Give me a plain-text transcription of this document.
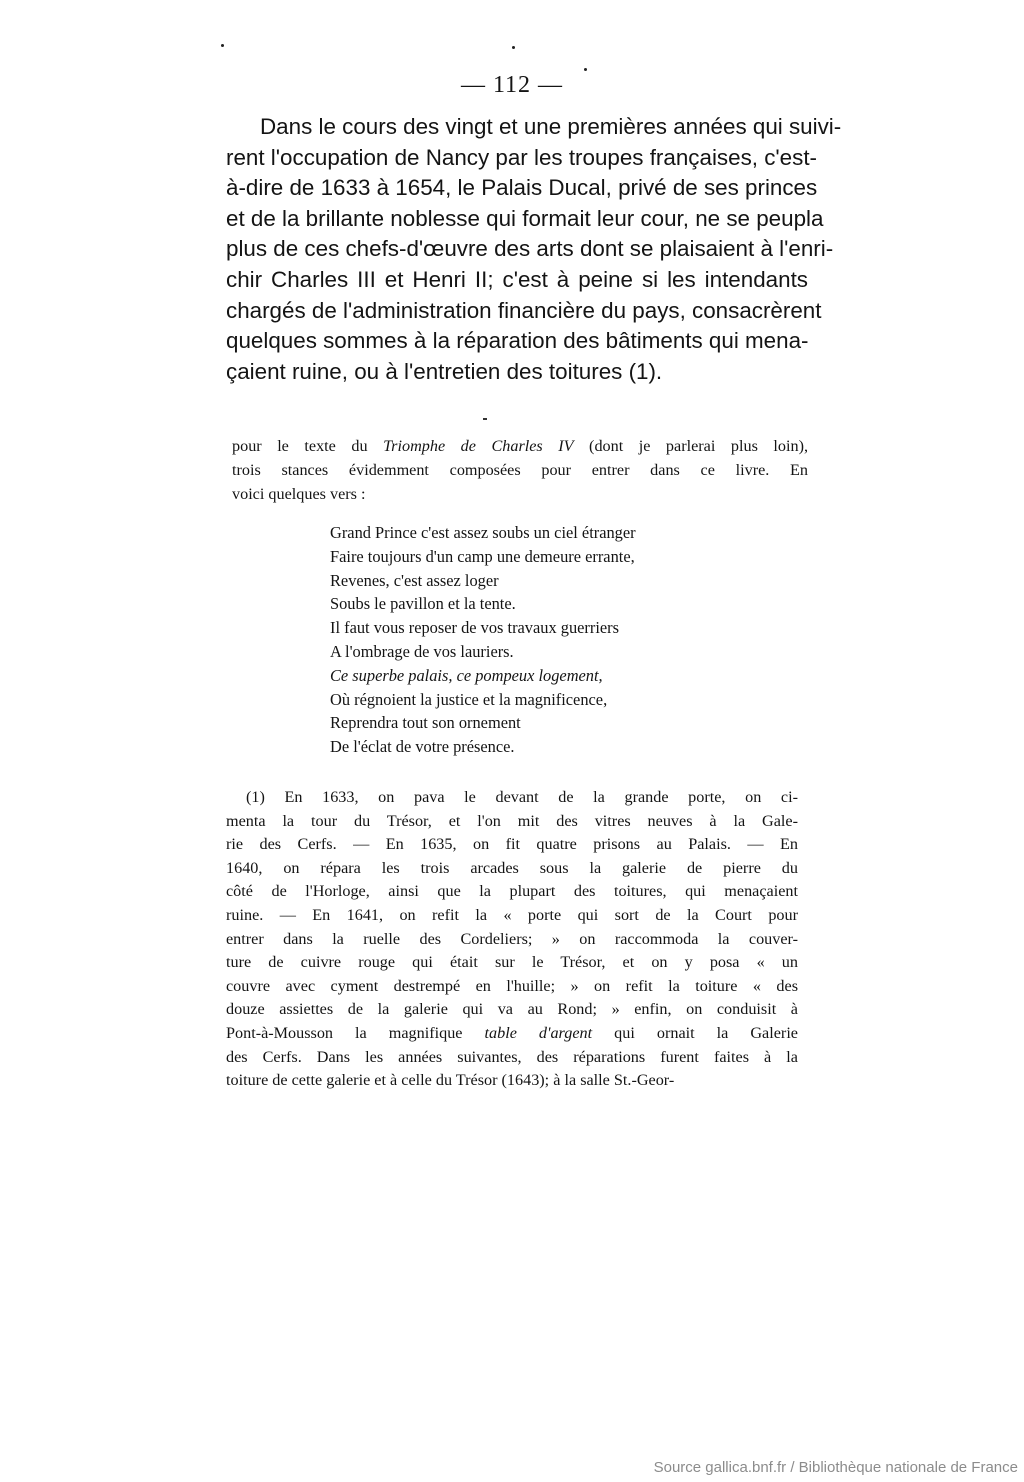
— 112 —
Dans le cours des vingt et une premières années qui suivi-
rent l'occupation de Nancy par les troupes françaises, c'est-
à-dire de 1633 à 1654, le Palais Ducal, privé de ses princes
et de la brillante noblesse qui formait leur cour, ne se peupla
plus de ces chefs-d'œuvre des arts dont se plaisaient à l'enri-
chir Charles III et Henri II; c'est à peine si les intendants
chargés de l'administration financière du pays, consacrèrent
quelques sommes à la réparation des bâtiments qui mena-
çaient ruine, ou à l'entretien des toitures (1).
pour le texte du Triomphe de Charles IV (dont je parlerai plus loin),
trois stances évidemment composées pour entrer dans ce livre. En
voici quelques vers :
Grand Prince c'est assez soubs un ciel étranger
Faire toujours d'un camp une demeure errante,
Revenes, c'est assez loger
Soubs le pavillon et la tente.
Il faut vous reposer de vos travaux guerriers
A l'ombrage de vos lauriers.
Ce superbe palais, ce pompeux logement,
Où régnoient la justice et la magnificence,
Reprendra tout son ornement
De l'éclat de votre présence.
(1) En 1633, on pava le devant de la grande porte, on ci-
menta la tour du Trésor, et l'on mit des vitres neuves à la Gale-
rie des Cerfs. — En 1635, on fit quatre prisons au Palais. — En
1640, on répara les trois arcades sous la galerie de pierre du
côté de l'Horloge, ainsi que la plupart des toitures, qui menaçaient
ruine. — En 1641, on refit la « porte qui sort de la Court pour
entrer dans la ruelle des Cordeliers; » on raccommoda la couver-
ture de cuivre rouge qui était sur le Trésor, et on y posa « un
couvre avec cyment destrempé en l'huille; » on refit la toiture « des
douze assiettes de la galerie qui va au Rond; » enfin, on conduisit à
Pont-à-Mousson la magnifique table d'argent qui ornait la Galerie
des Cerfs. Dans les années suivantes, des réparations furent faites à la
toiture de cette galerie et à celle du Trésor (1643); à la salle St.-Geor-
Source gallica.bnf.fr / Bibliothèque nationale de France
